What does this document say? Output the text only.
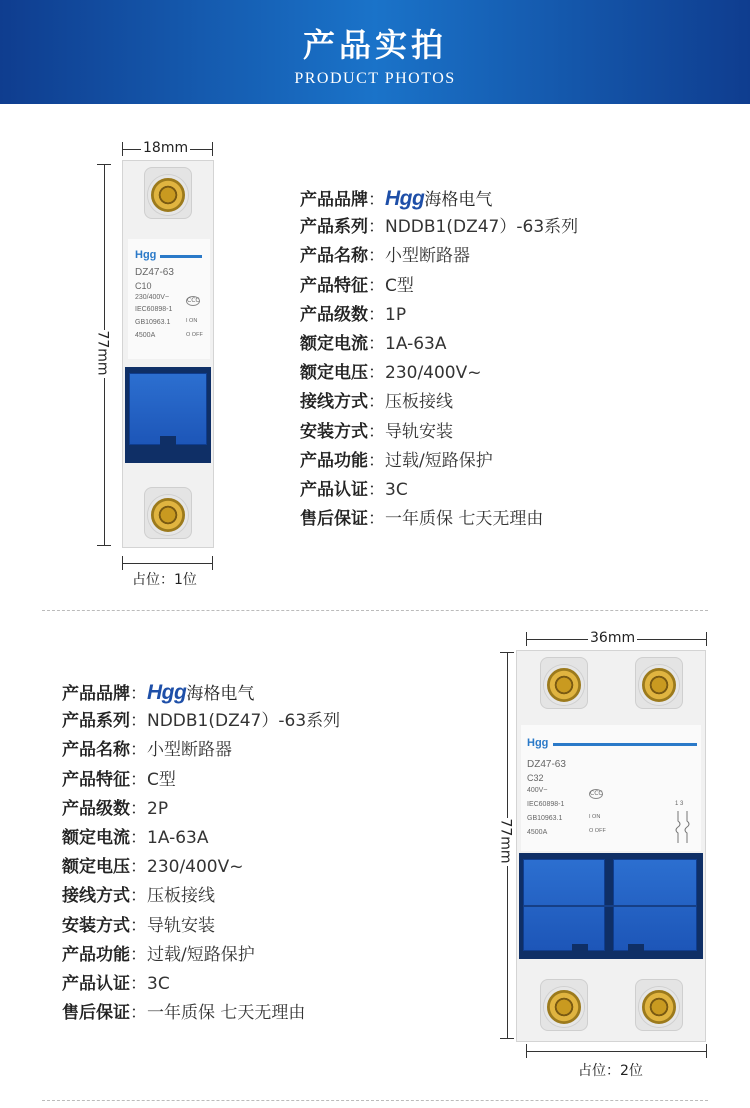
产品实拍
PRODUCT PHOTOS
18mm
77mm
Hgg
DZ47-63
C10
230/400V~	CCC
IEC60898-1
GB10963.1	I ON
4500A	O OFF
占位：1位
产品品牌：Hgg海格电气
产品系列：NDDB1(DZ47）-63系列
产品名称：小型断路器
产品特征：C型
产品级数：1P
额定电流：1A-63A
额定电压：230/400V~
接线方式：压板接线
安装方式：导轨安装
产品功能：过载/短路保护
产品认证：3C
售后保证：一年质保 七天无理由
产品品牌：Hgg海格电气
产品系列：NDDB1(DZ47）-63系列
产品名称：小型断路器
产品特征：C型
产品级数：2P
额定电流：1A-63A
额定电压：230/400V~
接线方式：压板接线
安装方式：导轨安装
产品功能：过载/短路保护
产品认证：3C
售后保证：一年质保 七天无理由
36mm
77mm
Hgg
DZ47-63
C32
400V~	CCC
IEC60898-1
GB10963.1	I ON
4500A	O OFF
1 3
占位：2位
